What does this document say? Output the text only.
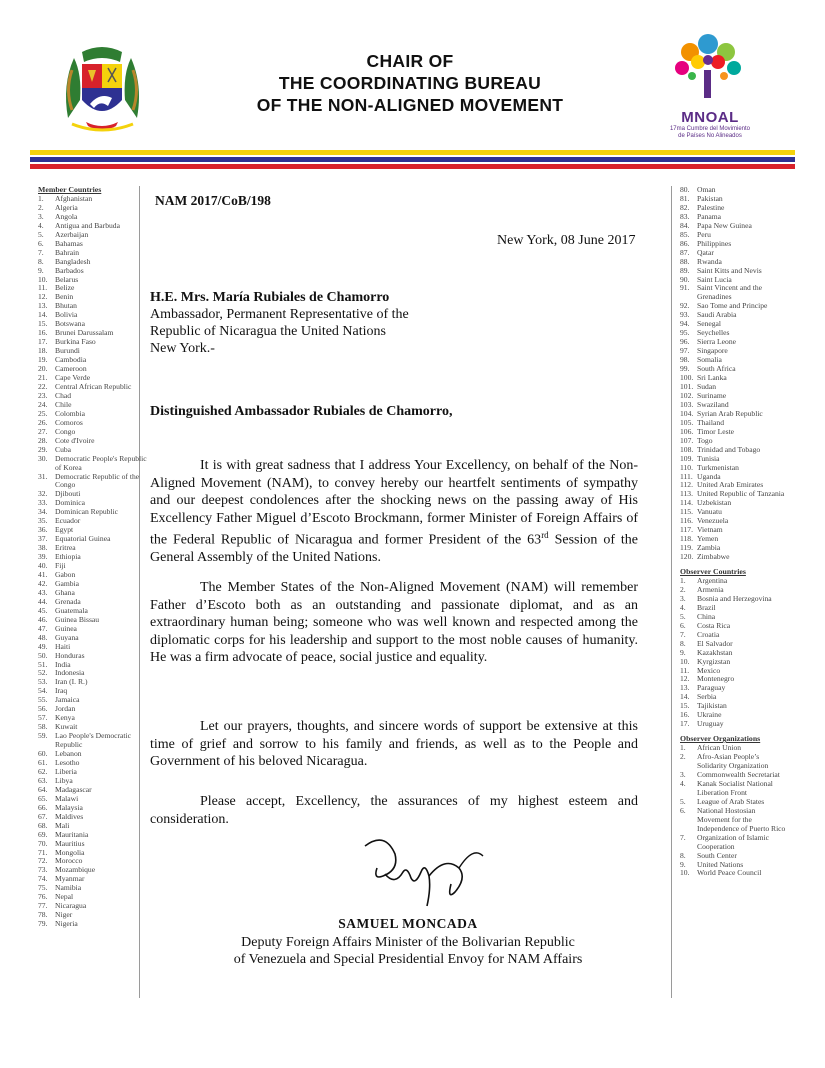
CHAIR OF
THE COORDINATING BUREAU
OF THE NON-ALIGNED MOVEMENT
MNOAL
17ma Cumbre del Movimiento
de Países No Alineados
Member Countries
1.	Afghanistan
2.	Algeria
3.	Angola
4.	Antigua and Barbuda
5.	Azerbaijan
6.	Bahamas
7.	Bahrain
8.	Bangladesh
9.	Barbados
10. Belarus
11.	Belize
12. Benin
13. Bhutan
14. Bolivia
15. Botswana
16. Brunei Darussalam
17. Burkina Faso
18. Burundi
19. Cambodia
20. Cameroon
21. Cape Verde
22. Central African Republic
23. Chad
24. Chile
25. Colombia
26. Comoros
27. Congo
28. Cote d'Ivoire
29. Cuba
30. Democratic People's Republic of Korea
31. Democratic Republic of the Congo
32. Djibouti
33. Dominica
34. Dominican Republic
35. Ecuador
36. Egypt
37. Equatorial Guinea
38. Eritrea
39. Ethiopia
40. Fiji
41. Gabon
42. Gambia
43. Ghana
44. Grenada
45. Guatemala
46. Guinea Bissau
47. Guinea
48. Guyana
49. Haiti
50. Honduras
51. India
52. Indonesia
53. Iran (I. R.)
54. Iraq
55. Jamaica
56. Jordan
57. Kenya
58. Kuwait
59. Lao People's Democratic Republic
60. Lebanon
61. Lesotho
62. Liberia
63. Libya
64. Madagascar
65. Malawi
66. Malaysia
67. Maldives
68. Mali
69. Mauritania
70. Mauritius
71. Mongolia
72. Morocco
73. Mozambique
74. Myanmar
75. Namibia
76. Nepal
77. Nicaragua
78. Niger
79. Nigeria
80. Oman
81. Pakistan
82. Palestine
83. Panama
84. Papa New Guinea
85. Peru
86. Philippines
87. Qatar
88. Rwanda
89. Saint Kitts and Nevis
90. Saint Lucia
91. Saint Vincent and the Grenadines
92. Sao Tome and Principe
93. Saudi Arabia
94. Senegal
95. Seychelles
96. Sierra Leone
97. Singapore
98. Somalia
99. South Africa
100. Sri Lanka
101. Sudan
102. Suriname
103. Swaziland
104. Syrian Arab Republic
105. Thailand
106. Timor Leste
107. Togo
108. Trinidad and Tobago
109. Tunisia
110. Turkmenistan
111. Uganda
112. United Arab Emirates
113. United Republic of Tanzania
114. Uzbekistan
115. Vanuatu
116. Venezuela
117. Vietnam
118. Yemen
119. Zambia
120. Zimbabwe
Observer Countries
1.	Argentina
2.	Armenia
3.	Bosnia and Herzegovina
4.	Brazil
5.	China
6.	Costa Rica
7.	Croatia
8.	El Salvador
9.	Kazakhstan
10. Kyrgizstan
11.	Mexico
12. Montenegro
13. Paraguay
14. Serbia
15. Tajikistan
16. Ukraine
17. Uruguay
Observer Organizations
1.	African Union
2.	Afro-Asian People’s Solidarity Organization
3.	Commonwealth Secretariat
4.	Kanak Socialist National Liberation Front
5.	League of Arab States
6.	National Hostosian Movement for the Independence of Puerto Rico
7.	Organization of Islamic Cooperation
8.	South Center
9.	United Nations
10. World Peace Council
NAM 2017/CoB/198
New York, 08 June 2017
H.E. Mrs. María Rubiales de Chamorro
Ambassador, Permanent Representative of the
Republic of Nicaragua the United Nations
New York.-
Distinguished Ambassador Rubiales de Chamorro,
It is with great sadness that I address Your Excellency, on behalf of the Non-Aligned Movement (NAM), to convey hereby our heartfelt sentiments of sympathy and our deepest condolences after the shocking news on the passing away of His Excellency Father Miguel d’Escoto Brockmann, former Minister of Foreign Affairs of the Federal Republic of Nicaragua and former President of the 63rd Session of the General Assembly of the United Nations.
The Member States of the Non-Aligned Movement (NAM) will remember Father d’Escoto both as an outstanding and passionate diplomat, and as an extraordinary human being; someone who was well known and respected among the diplomatic corps for his leadership and support to the most noble causes of humanity. He was a firm advocate of peace, social justice and equality.
Let our prayers, thoughts, and sincere words of support be extensive at this time of grief and sorrow to his family and friends, as well as to the People and Government of his beloved Nicaragua.
Please accept, Excellency, the assurances of my highest esteem and consideration.
SAMUEL MONCADA
Deputy Foreign Affairs Minister of the Bolivarian Republic
of Venezuela and Special Presidential Envoy for NAM Affairs
